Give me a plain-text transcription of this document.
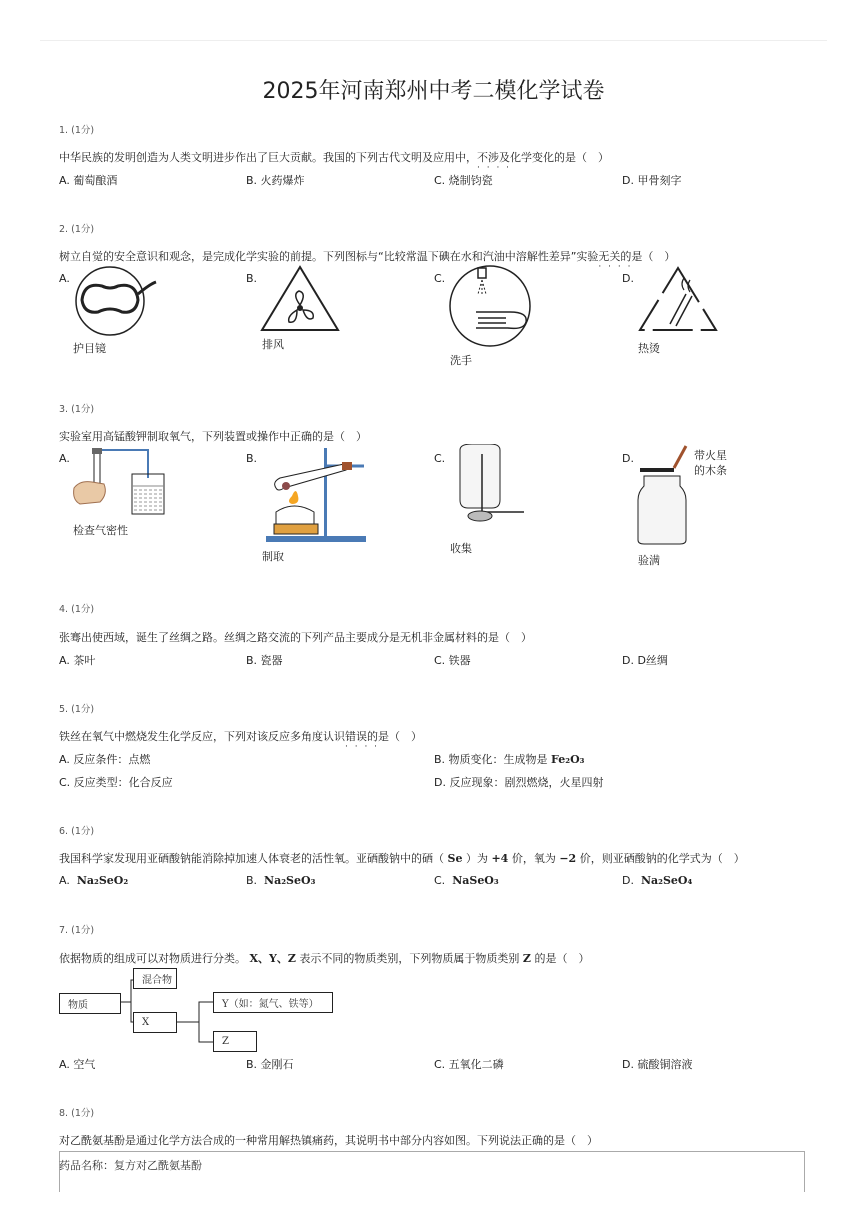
2025年河南郑州中考二模化学试卷
1. (1分)
中华民族的发明创造为人类文明进步作出了巨大贡献。我国的下列古代文明及应用中，不涉及 · · · ·化学变化的是（　）
A. 葡萄酿酒	B. 火药爆炸	C. 烧制钧瓷	D. 甲骨刻字
2. (1分)
树立自觉的安全意识和观念，是完成化学实验的前提。下列图标与“比较常温下碘在水和汽油中溶解性差异”实验无关 · · · ·的是（　）
A.	B.	C.	D.
护目镜	排风
洗手
热烫
3. (1分)
实验室用高锰酸钾制取氧气，下列装置或操作中正确的是（　）
A.	B.	C.	D.
检查气密性
制取
收集
带火星
的木条
验满
4. (1分)
张骞出使西域，诞生了丝绸之路。丝绸之路交流的下列产品主要成分是无机非金属材料的是（　）
A. 茶叶	B. 瓷器	C. 铁器	D. D丝绸
5. (1分)
铁丝在氧气中燃烧发生化学反应，下列对该反应多角度认识错误 · · · ·的是（　）
A. 反应条件：点燃	B. 物质变化：生成物是 Fe₂O₃
C. 反应类型：化合反应	D. 反应现象：剧烈燃烧，火星四射
6. (1分)
我国科学家发现用亚硒酸钠能消除掉加速人体衰老的活性氧。亚硒酸钠中的硒（ Se ）为 +4 价，氧为 −2 价，则亚硒酸钠的化学式为（　）
A. Na₂SeO₂	B. Na₂SeO₃	C. NaSeO₃	D. Na₂SeO₄
7. (1分)
依据物质的组成可以对物质进行分类。 X、Y、Z 表示不同的物质类别，下列物质属于物质类别 Z 的是（　）
物质
混合物
X
Y（如：氮气、铁等）
Z
A. 空气	B. 金刚石	C. 五氧化二磷	D. 硫酸铜溶液
8. (1分)
对乙酰氨基酚是通过化学方法合成的一种常用解热镇痛药，其说明书中部分内容如图。下列说法正确的是（　）
药品名称：复方对乙酰氨基酚
